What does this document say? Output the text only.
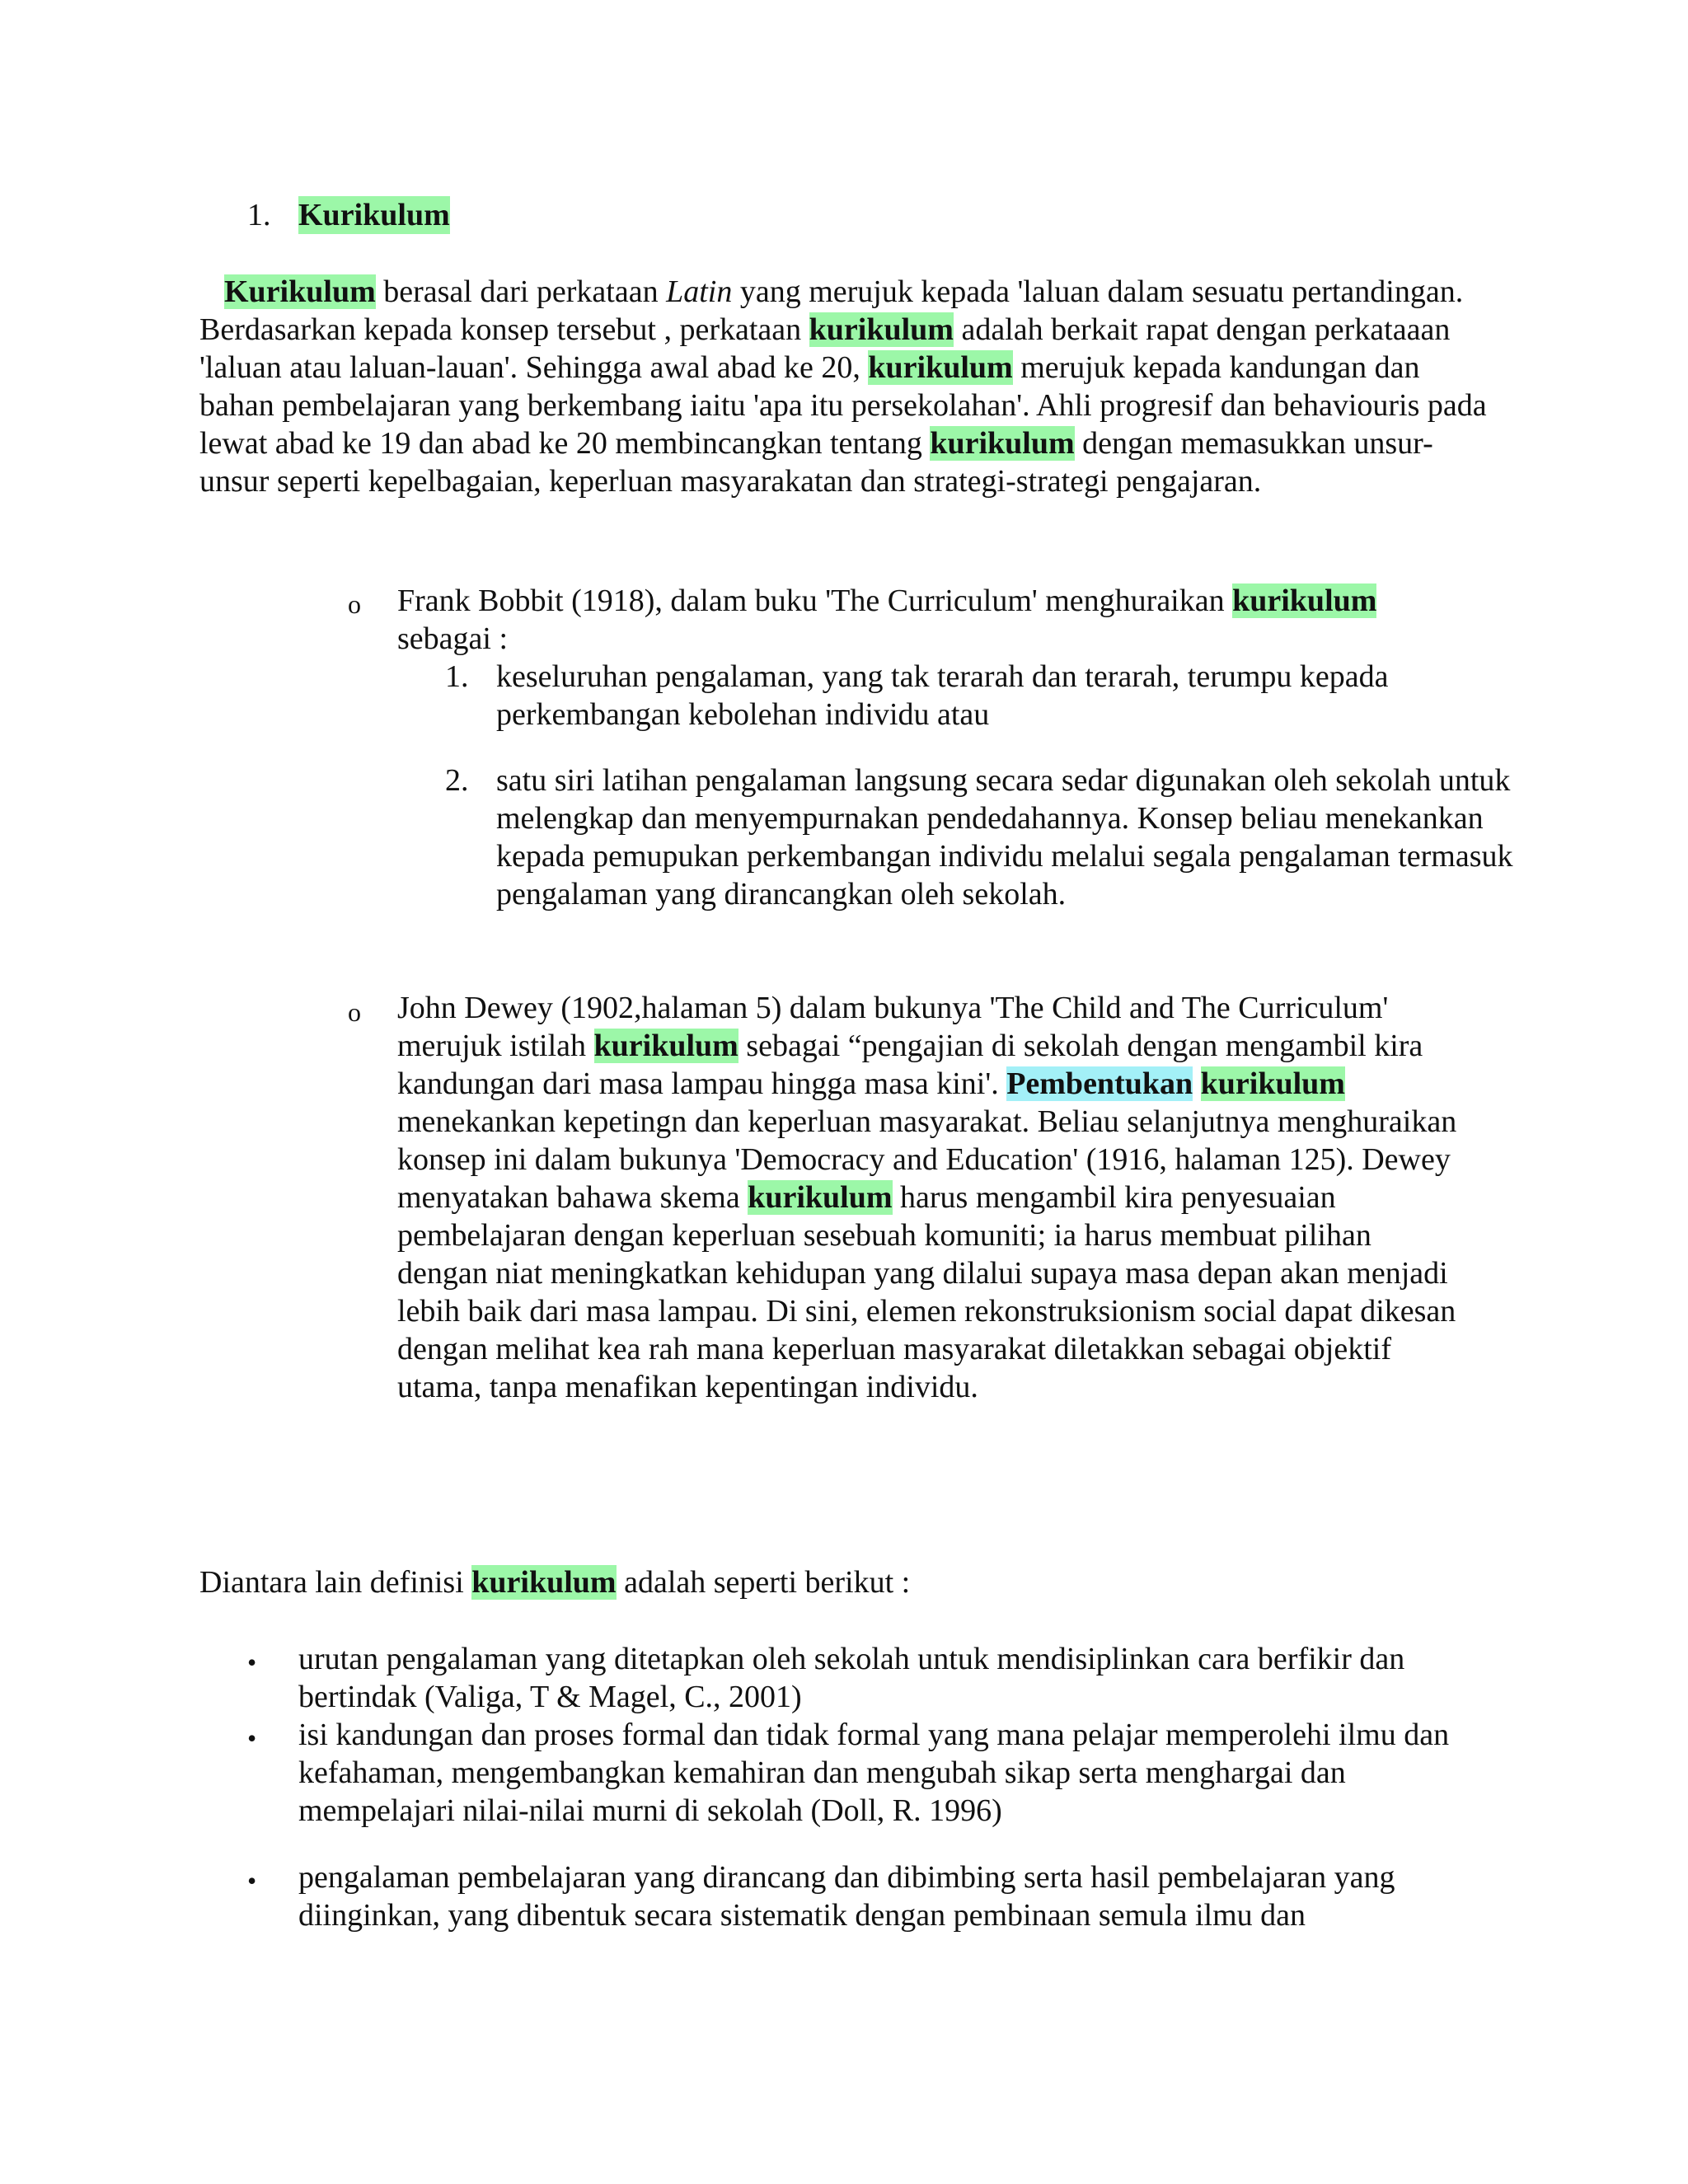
1. Kurikulum
Kurikulum berasal dari perkataan Latin yang merujuk kepada 'laluan dalam sesuatu pertandingan. Berdasarkan kepada konsep tersebut , perkataan kurikulum adalah berkait rapat dengan perkataaan 'laluan atau laluan-lauan'. Sehingga awal abad ke 20, kurikulum merujuk kepada kandungan dan bahan pembelajaran yang berkembang iaitu 'apa itu persekolahan'. Ahli progresif dan behaviouris pada lewat abad ke 19 dan abad ke 20 membincangkan tentang kurikulum dengan memasukkan unsur-unsur seperti kepelbagaian, keperluan masyarakatan dan strategi-strategi pengajaran.
o Frank Bobbit (1918), dalam buku 'The Curriculum' menghuraikan kurikulum sebagai :
1. keseluruhan pengalaman, yang tak terarah dan terarah, terumpu kepada perkembangan kebolehan individu atau
2. satu siri latihan pengalaman langsung secara sedar digunakan oleh sekolah untuk melengkap dan menyempurnakan pendedahannya. Konsep beliau menekankan kepada pemupukan perkembangan individu melalui segala pengalaman termasuk pengalaman yang dirancangkan oleh sekolah.
o John Dewey (1902,halaman 5) dalam bukunya 'The Child and The Curriculum' merujuk istilah kurikulum sebagai “pengajian di sekolah dengan mengambil kira kandungan dari masa lampau hingga masa kini'. Pembentukan kurikulum menekankan kepetingn dan keperluan masyarakat. Beliau selanjutnya menghuraikan konsep ini dalam bukunya 'Democracy and Education' (1916, halaman 125). Dewey menyatakan bahawa skema kurikulum harus mengambil kira penyesuaian pembelajaran dengan keperluan sesebuah komuniti; ia harus membuat pilihan dengan niat meningkatkan kehidupan yang dilalui supaya masa depan akan menjadi lebih baik dari masa lampau. Di sini, elemen rekonstruksionism social dapat dikesan dengan melihat kea rah mana keperluan masyarakat diletakkan sebagai objektif utama, tanpa menafikan kepentingan individu.
Diantara lain definisi kurikulum adalah seperti berikut :
• urutan pengalaman yang ditetapkan oleh sekolah untuk mendisiplinkan cara berfikir dan bertindak (Valiga, T & Magel, C., 2001)
• isi kandungan dan proses formal dan tidak formal yang mana pelajar memperolehi ilmu dan kefahaman, mengembangkan kemahiran dan mengubah sikap serta menghargai dan mempelajari nilai-nilai murni di sekolah (Doll, R. 1996)
• pengalaman pembelajaran yang dirancang dan dibimbing serta hasil pembelajaran yang diinginkan, yang dibentuk secara sistematik dengan pembinaan semula ilmu dan
